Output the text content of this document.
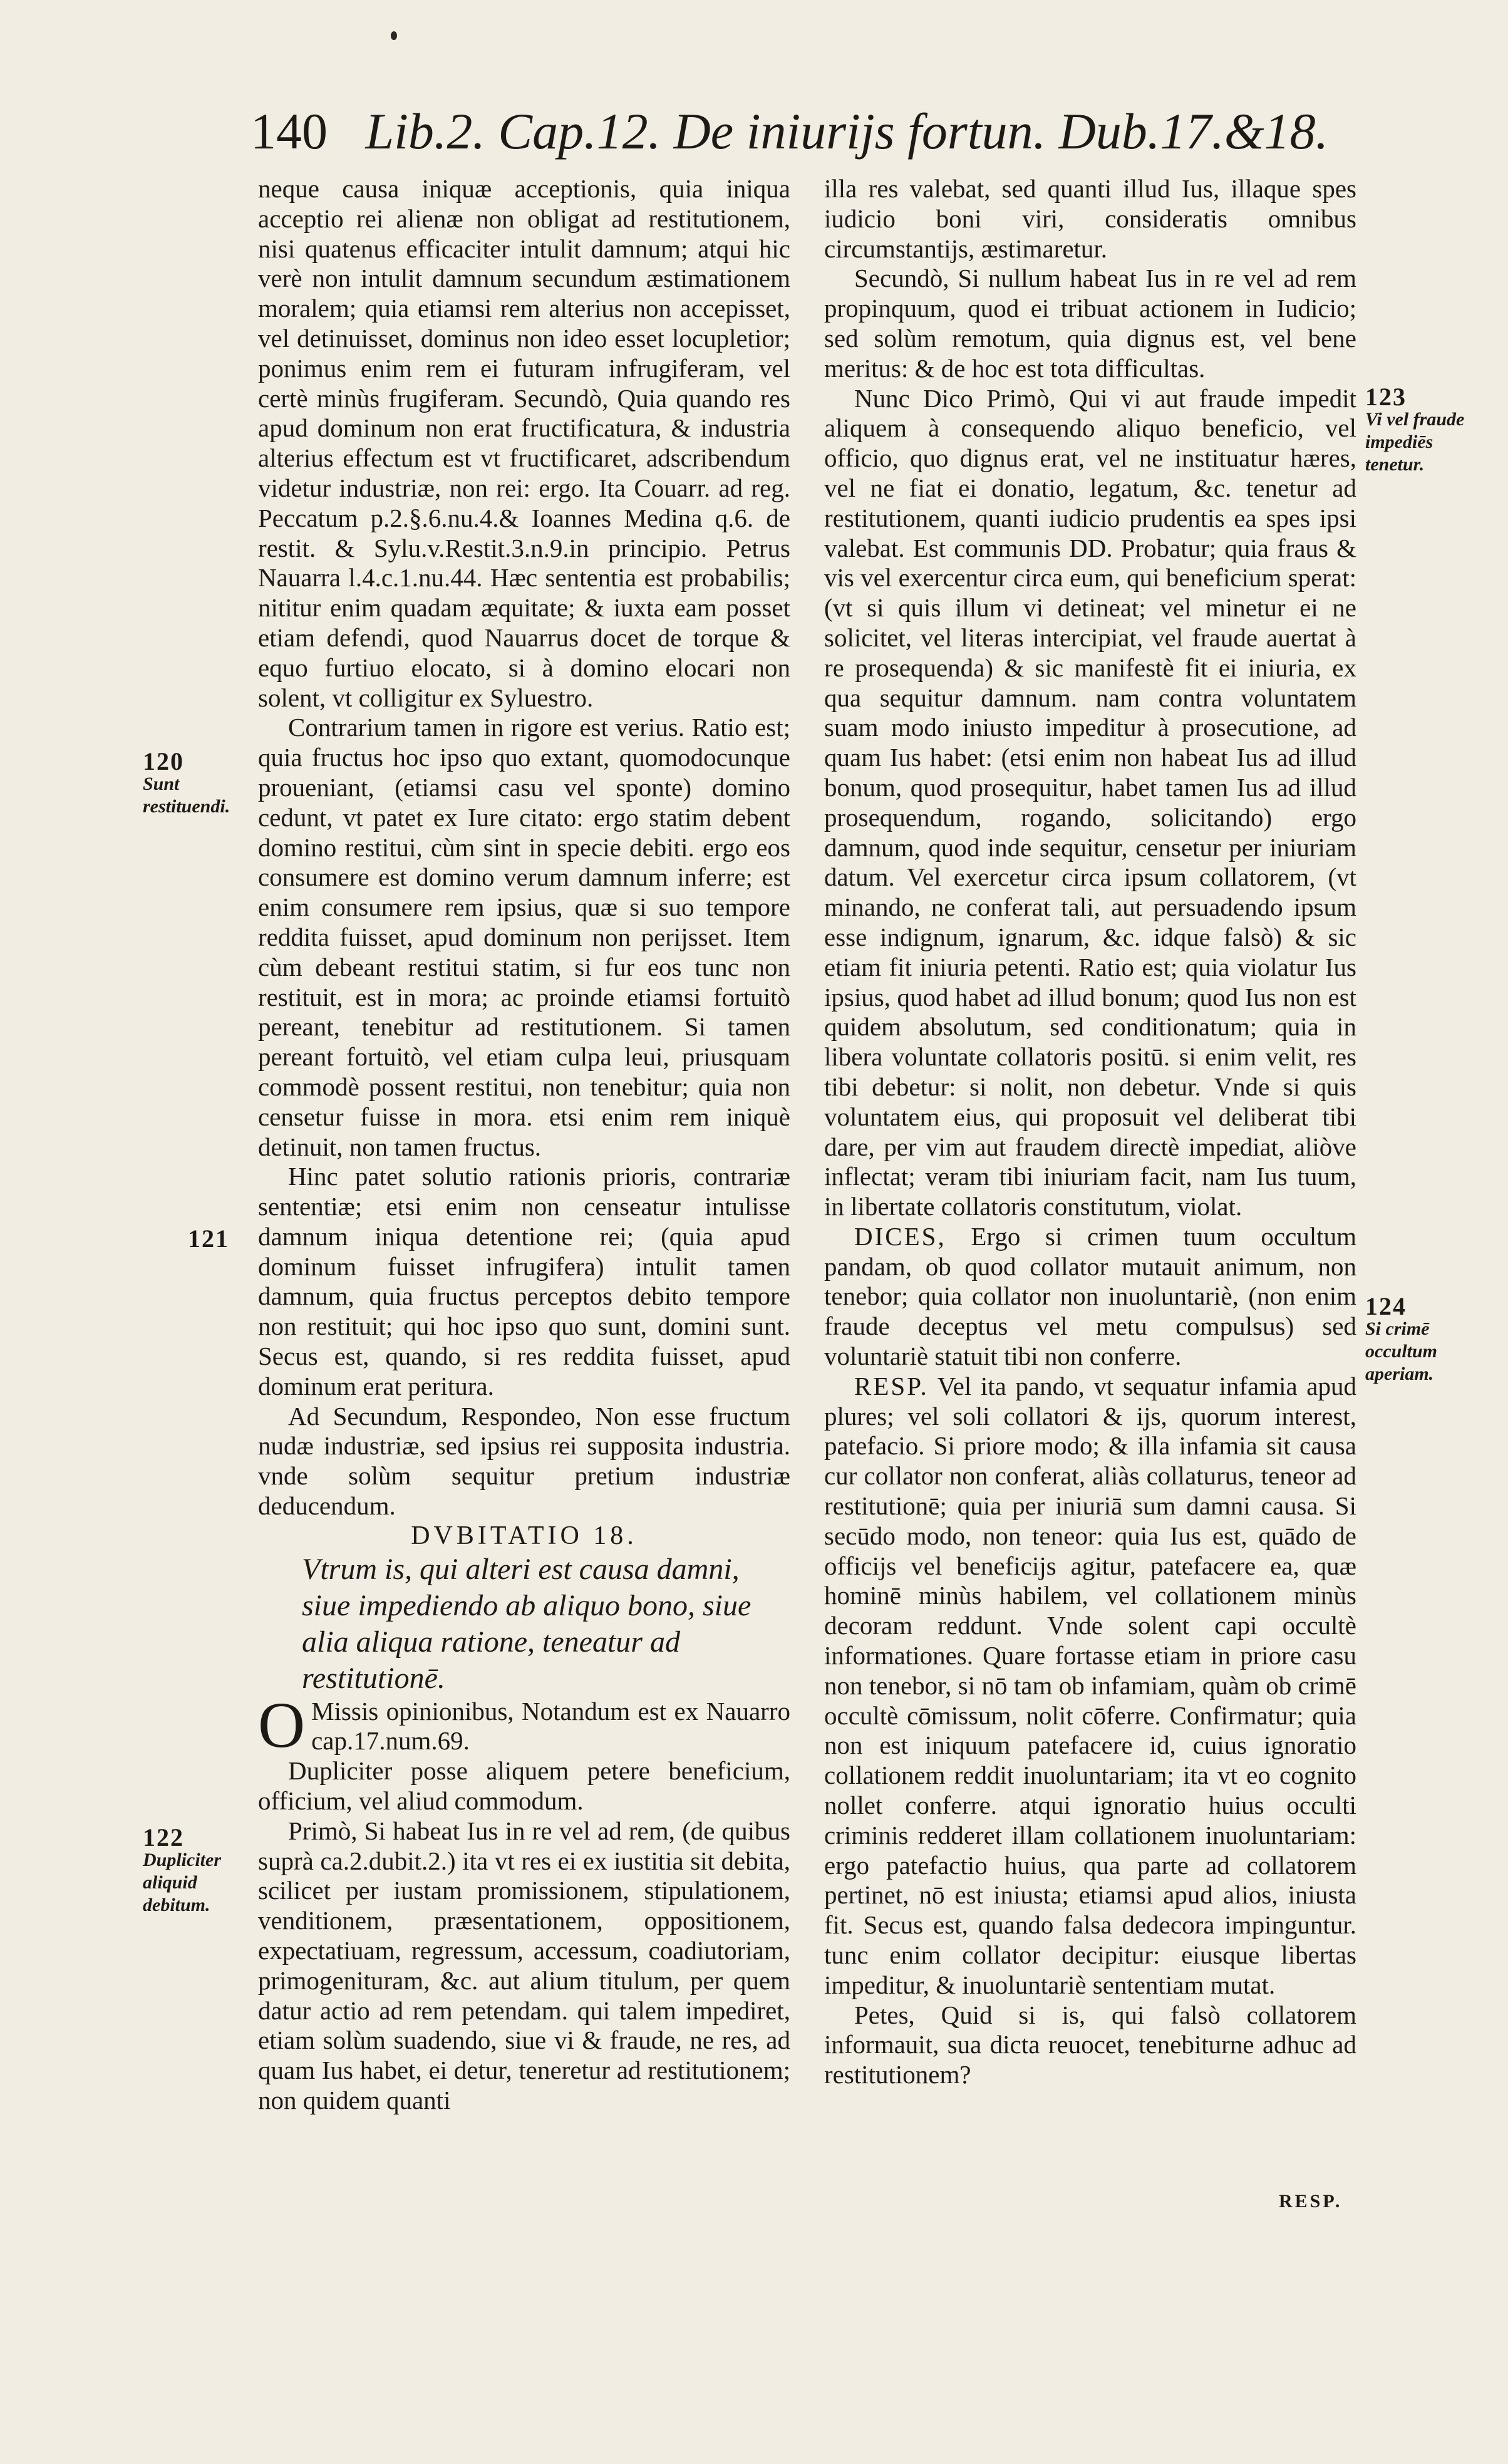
140 Lib.2. Cap.12. De iniurijs fortun. Dub.17.&18.

neque causa iniquæ acceptionis, quia iniqua acceptio rei alienæ non obligat ad restitutionem, nisi quatenus efficaciter intulit damnum; atqui hic verè non intulit damnum secundum æstimationem moralem; quia etiamsi rem alterius non accepisset, vel detinuisset, dominus non ideo esset locupletior; ponimus enim rem ei futuram infrugiferam, vel certè minùs frugiferam. Secundò, Quia quando res apud dominum non erat fructificatura, & industria alterius effectum est vt fructificaret, adscribendum videtur industriæ, non rei: ergo. Ita Couarr. ad reg. Peccatum p.2.§.6.nu.4.& Ioannes Medina q.6. de restit. & Sylu.v.Restit.3.n.9.in principio. Petrus Nauarra l.4.c.1.nu.44. Hæc sententia est probabilis; nititur enim quadam æquitate; & iuxta eam posset etiam defendi, quod Nauarrus docet de torque & equo furtiuo elocato, si à domino elocari non solent, vt colligitur ex Syluestro.

Contrarium tamen in rigore est verius. Ratio est; quia fructus hoc ipso quo extant, quomodocunque proueniant, (etiamsi casu vel sponte) domino cedunt, vt patet ex Iure citato: ergo statim debent domino restitui, cùm sint in specie debiti. ergo eos consumere est domino verum damnum inferre; est enim consumere rem ipsius, quæ si suo tempore reddita fuisset, apud dominum non perijsset. Item cùm debeant restitui statim, si fur eos tunc non restituit, est in mora; ac proinde etiamsi fortuitò pereant, tenebitur ad restitutionem. Si tamen pereant fortuitò, vel etiam culpa leui, priusquam commodè possent restitui, non tenebitur; quia non censetur fuisse in mora. etsi enim rem iniquè detinuit, non tamen fructus.

Hinc patet solutio rationis prioris, contrariæ sententiæ; etsi enim non censeatur intulisse damnum iniqua detentione rei; (quia apud dominum fuisset infrugifera) intulit tamen damnum, quia fructus perceptos debito tempore non restituit; qui hoc ipso quo sunt, domini sunt. Secus est, quando, si res reddita fuisset, apud dominum erat peritura.

Ad Secundum, Respondeo, Non esse fructum nudæ industriæ, sed ipsius rei supposita industria. vnde solùm sequitur pretium industriæ deducendum.

DVBITATIO 18.

Vtrum is, qui alteri est causa damni, siue impediendo ab aliquo bono, siue alia aliqua ratione, teneatur ad restitutionē.

O Missis opinionibus, Notandum est ex Nauarro cap.17.num.69.

Dupliciter posse aliquem petere beneficium, officium, vel aliud commodum.

Primò, Si habeat Ius in re vel ad rem, (de quibus suprà ca.2.dubit.2.) ita vt res ei ex iustitia sit debita, scilicet per iustam promissionem, stipulationem, venditionem, præsentationem, oppositionem, expectatiuam, regressum, accessum, coadiutoriam, primogenituram, &c. aut alium titulum, per quem datur actio ad rem petendam. qui talem impediret, etiam solùm suadendo, siue vi & fraude, ne res, ad quam Ius habet, ei detur, teneretur ad restitutionem; non quidem quanti

illa res valebat, sed quanti illud Ius, illaque spes iudicio boni viri, consideratis omnibus circumstantijs, æstimaretur.

Secundò, Si nullum habeat Ius in re vel ad rem propinquum, quod ei tribuat actionem in Iudicio; sed solùm remotum, quia dignus est, vel bene meritus: & de hoc est tota difficultas.

Nunc Dico Primò, Qui vi aut fraude impedit aliquem à consequendo aliquo beneficio, vel officio, quo dignus erat, vel ne instituatur hæres, vel ne fiat ei donatio, legatum, &c. tenetur ad restitutionem, quanti iudicio prudentis ea spes ipsi valebat. Est communis DD. Probatur; quia fraus & vis vel exercentur circa eum, qui beneficium sperat: (vt si quis illum vi detineat; vel minetur ei ne solicitet, vel literas intercipiat, vel fraude auertat à re prosequenda) & sic manifestè fit ei iniuria, ex qua sequitur damnum. nam contra voluntatem suam modo iniusto impeditur à prosecutione, ad quam Ius habet: (etsi enim non habeat Ius ad illud bonum, quod prosequitur, habet tamen Ius ad illud prosequendum, rogando, solicitando) ergo damnum, quod inde sequitur, censetur per iniuriam datum. Vel exercetur circa ipsum collatorem, (vt minando, ne conferat tali, aut persuadendo ipsum esse indignum, ignarum, &c. idque falsò) & sic etiam fit iniuria petenti. Ratio est; quia violatur Ius ipsius, quod habet ad illud bonum; quod Ius non est quidem absolutum, sed conditionatum; quia in libera voluntate collatoris positū. si enim velit, res tibi debetur: si nolit, non debetur. Vnde si quis voluntatem eius, qui proposuit vel deliberat tibi dare, per vim aut fraudem directè impediat, aliòve inflectat; veram tibi iniuriam facit, nam Ius tuum, in libertate collatoris constitutum, violat.

DICES, Ergo si crimen tuum occultum pandam, ob quod collator mutauit animum, non tenebor; quia collator non inuoluntariè, (non enim fraude deceptus vel metu compulsus) sed voluntariè statuit tibi non conferre.

RESP. Vel ita pando, vt sequatur infamia apud plures; vel soli collatori & ijs, quorum interest, patefacio. Si priore modo; & illa infamia sit causa cur collator non conferat, aliàs collaturus, teneor ad restitutionē; quia per iniuriā sum damni causa. Si secūdo modo, non teneor: quia Ius est, quādo de officijs vel beneficijs agitur, patefacere ea, quæ hominē minùs habilem, vel collationem minùs decoram reddunt. Vnde solent capi occultè informationes. Quare fortasse etiam in priore casu non tenebor, si nō tam ob infamiam, quàm ob crimē occultè cōmissum, nolit cōferre. Confirmatur; quia non est iniquum patefacere id, cuius ignoratio collationem reddit inuoluntariam; ita vt eo cognito nollet conferre. atqui ignoratio huius occulti criminis redderet illam collationem inuoluntariam: ergo patefactio huius, qua parte ad collatorem pertinet, nō est iniusta; etiamsi apud alios, iniusta fit. Secus est, quando falsa dedecora impinguntur. tunc enim collator decipitur: eiusque libertas impeditur, & inuoluntariè sententiam mutat.

Petes, Quid si is, qui falsò collatorem informauit, sua dicta reuocet, tenebiturne adhuc ad restitutionem?

120
Sunt restituendi.
121
122
Dupliciter aliquid debitum.
123
Vi vel fraude impediēs tenetur.
124
Si crimē occultum aperiam.
RESP.
